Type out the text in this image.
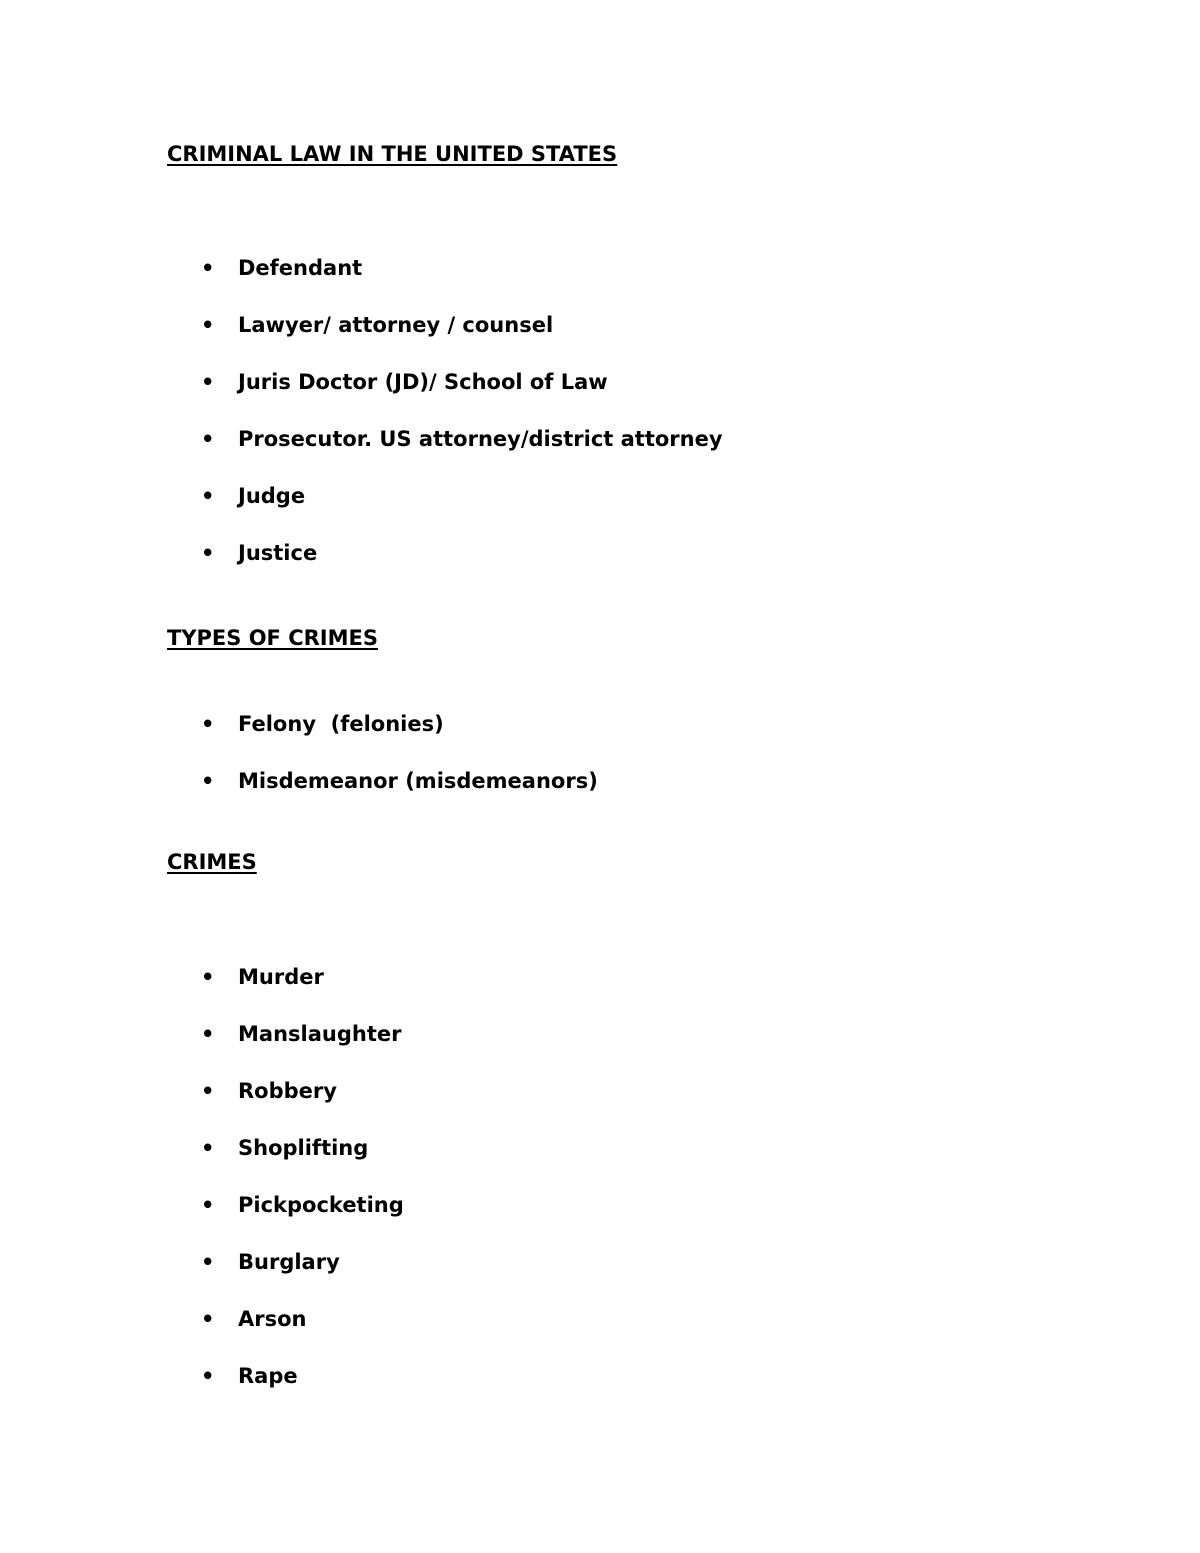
CRIMINAL LAW IN THE UNITED STATES

•

Defendant

•

Lawyer/ attorney / counsel

•

Juris Doctor (JD)/ School of Law

•

Prosecutor. US attorney/district attorney

•

Judge

•

Justice

TYPES OF CRIMES

•

Felony  (felonies)

•

Misdemeanor (misdemeanors)

CRIMES

•

Murder

•

Manslaughter

•

Robbery

•

Shoplifting

•

Pickpocketing

•

Burglary

•

Arson

•

Rape
